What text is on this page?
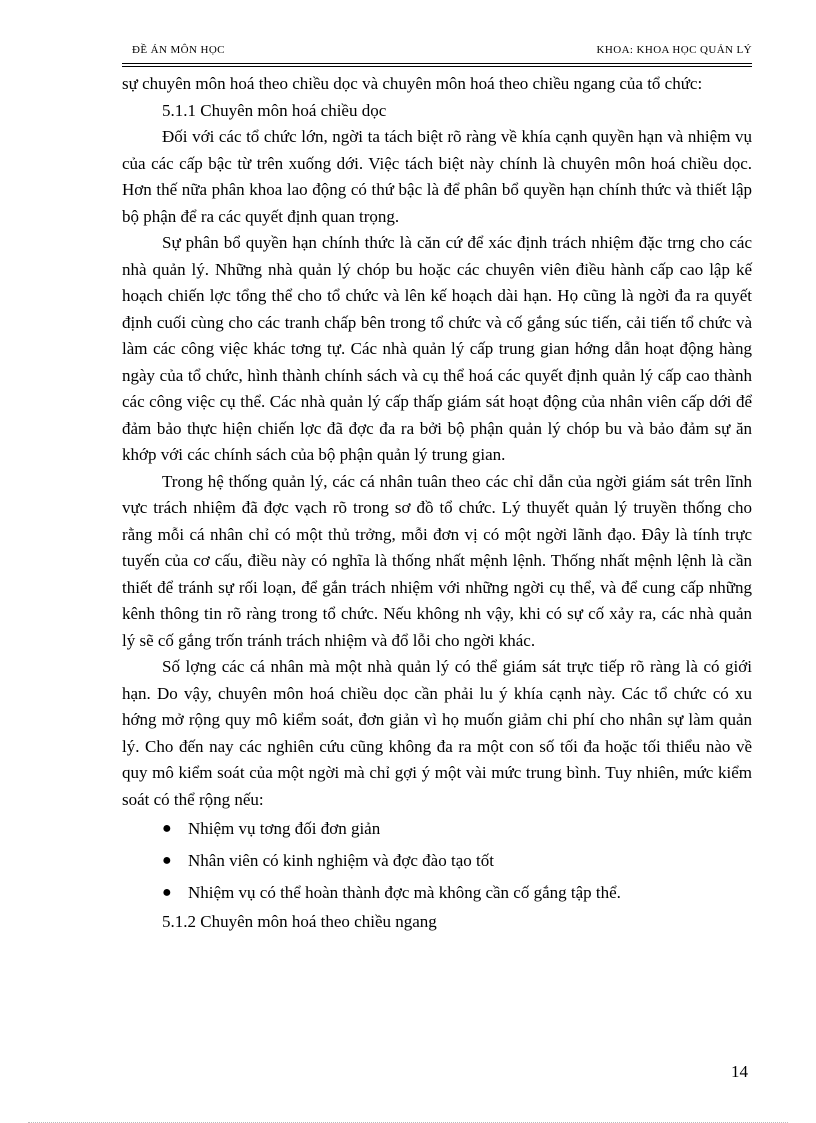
ĐỀ ÁN MÔN HỌC	KHOA: KHOA HỌC QUẢN LÝ

sự chuyên môn hoá theo chiều dọc và chuyên môn hoá theo chiều ngang của tổ chức:

5.1.1 Chuyên môn hoá chiều dọc

Đối với các tổ chức lớn, ngời ta tách biệt rõ ràng về khía cạnh quyền hạn và nhiệm vụ của các cấp bậc từ trên xuống dới. Việc tách biệt này chính là chuyên môn hoá chiều dọc. Hơn thế nữa phân khoa lao động có thứ bậc là để phân bổ quyền hạn chính thức và thiết lập bộ phận để ra các quyết định quan trọng.

Sự phân bổ quyền hạn chính thức là căn cứ để xác định trách nhiệm đặc trng cho các nhà quản lý. Những nhà quản lý chóp bu hoặc các chuyên viên điều hành cấp cao lập kế hoạch chiến lợc tổng thể cho tổ chức và lên kế hoạch dài hạn. Họ cũng là ngời đa ra quyết định cuối cùng cho các tranh chấp bên trong tổ chức và cố gắng súc tiến, cải tiến tổ chức và làm các công việc khác tơng tự. Các nhà quản lý cấp trung gian hớng dẫn hoạt động hàng ngày của tổ chức, hình thành chính sách và cụ thể hoá các quyết định quản lý cấp cao thành các công việc cụ thể. Các nhà quản lý cấp thấp giám sát hoạt động của nhân viên cấp dới để đảm bảo thực hiện chiến lợc đã đợc đa ra bởi bộ phận quản lý chóp bu và bảo đảm sự ăn khớp với các chính sách của bộ phận quản lý trung gian.

Trong hệ thống quản lý, các cá nhân tuân theo các chỉ dẫn của ngời giám sát trên lĩnh vực trách nhiệm đã đợc vạch rõ trong sơ đồ tổ chức. Lý thuyết quản lý truyền thống cho rằng mỗi cá nhân chỉ có một thủ trởng, mỗi đơn vị có một ngời lãnh đạo. Đây là tính trực tuyến của cơ cấu, điều này có nghĩa là thống nhất mệnh lệnh. Thống nhất mệnh lệnh là cần thiết để tránh sự rối loạn, để gắn trách nhiệm với những ngời cụ thể, và để cung cấp những kênh thông tin rõ ràng trong tổ chức. Nếu không nh vậy, khi có sự cố xảy ra, các nhà quản lý sẽ cố gắng trốn tránh trách nhiệm và đổ lỗi cho ngời khác.

Số lợng các cá nhân mà một nhà quản lý có thể giám sát trực tiếp rõ ràng là có giới hạn. Do vậy, chuyên môn hoá chiều dọc cần phải lu ý khía cạnh này. Các tổ chức có xu hớng mở rộng quy mô kiểm soát, đơn giản vì họ muốn giảm chi phí cho nhân sự làm quản lý. Cho đến nay các nghiên cứu cũng không đa ra một con số tối đa hoặc tối thiểu nào về quy mô kiểm soát của một ngời mà chỉ gợi ý một vài mức trung bình. Tuy nhiên, mức kiểm soát có thể rộng nếu:

● Nhiệm vụ tơng đối đơn giản
● Nhân viên có kinh nghiệm và đợc đào tạo tốt
● Nhiệm vụ có thể hoàn thành đợc mà không cần cố gắng tập thể.

5.1.2 Chuyên môn hoá theo chiều ngang

14
